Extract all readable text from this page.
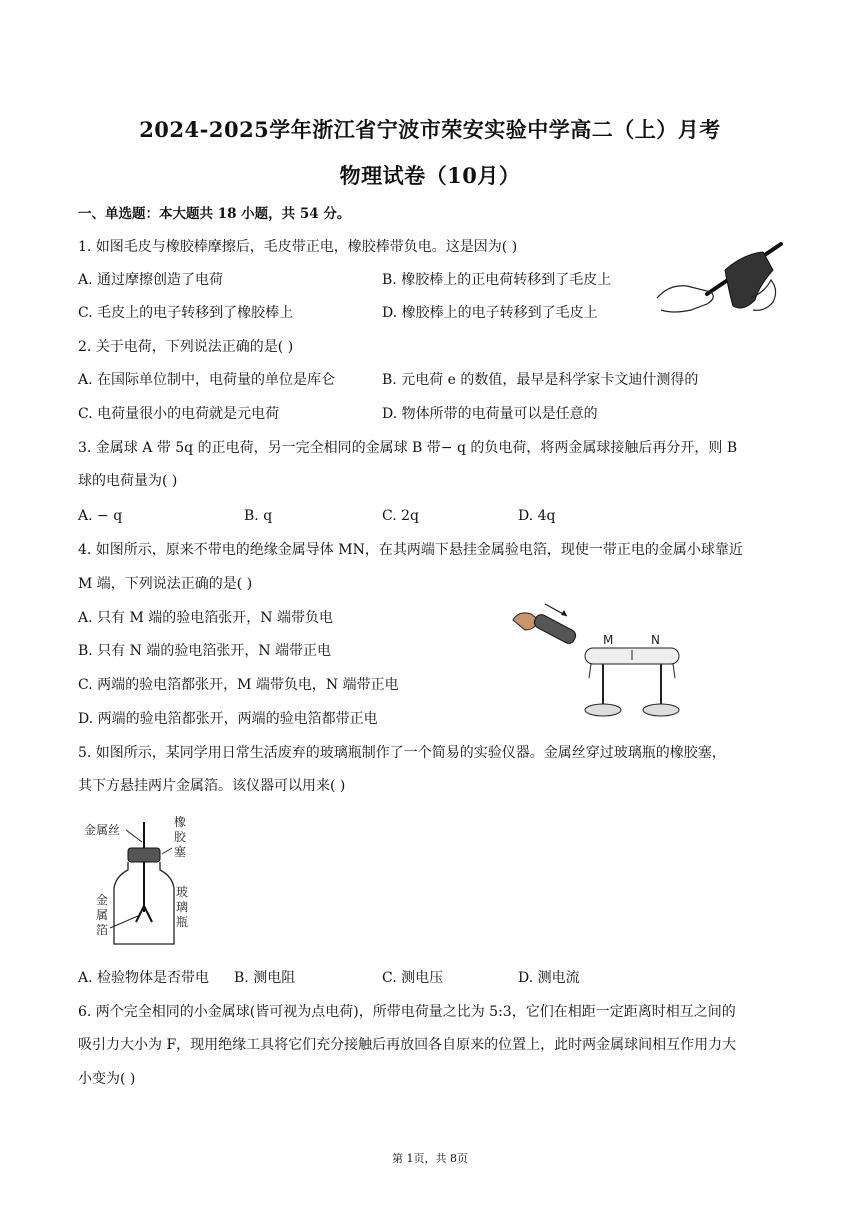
2024-2025学年浙江省宁波市荣安实验中学高二（上）月考
物理试卷（10月）
一、单选题：本大题共 18 小题，共 54 分。
1. 如图毛皮与橡胶棒摩擦后，毛皮带正电，橡胶棒带负电。这是因为( )
A. 通过摩擦创造了电荷	B. 橡胶棒上的正电荷转移到了毛皮上
C. 毛皮上的电子转移到了橡胶棒上	D. 橡胶棒上的电子转移到了毛皮上
2. 关于电荷，下列说法正确的是( )
A. 在国际单位制中，电荷量的单位是库仑	B. 元电荷 e 的数值，最早是科学家卡文迪什测得的
C. 电荷量很小的电荷就是元电荷	D. 物体所带的电荷量可以是任意的
3. 金属球 A 带 5q 的正电荷，另一完全相同的金属球 B 带− q 的负电荷，将两金属球接触后再分开，则 B
球的电荷量为( )
A. − q	B. q	C. 2q	D. 4q
4. 如图所示，原来不带电的绝缘金属导体 MN，在其两端下悬挂金属验电箔，现使一带正电的金属小球靠近
M 端，下列说法正确的是( )
A. 只有 M 端的验电箔张开，N 端带负电
B. 只有 N 端的验电箔张开，N 端带正电
C. 两端的验电箔都张开，M 端带负电，N 端带正电
D. 两端的验电箔都张开，两端的验电箔都带正电
M	N
5. 如图所示，某同学用日常生活废弃的玻璃瓶制作了一个简易的实验仪器。金属丝穿过玻璃瓶的橡胶塞，
其下方悬挂两片金属箔。该仪器可以用来( )
金属丝
橡
胶
塞
金
属
箔
玻
璃
瓶
A. 检验物体是否带电 B. 测电阻	C. 测电压	D. 测电流
6. 两个完全相同的小金属球(皆可视为点电荷)，所带电荷量之比为 5:3，它们在相距一定距离时相互之间的
吸引力大小为 F，现用绝缘工具将它们充分接触后再放回各自原来的位置上，此时两金属球间相互作用力大
小变为( )
第 1页，共 8页
